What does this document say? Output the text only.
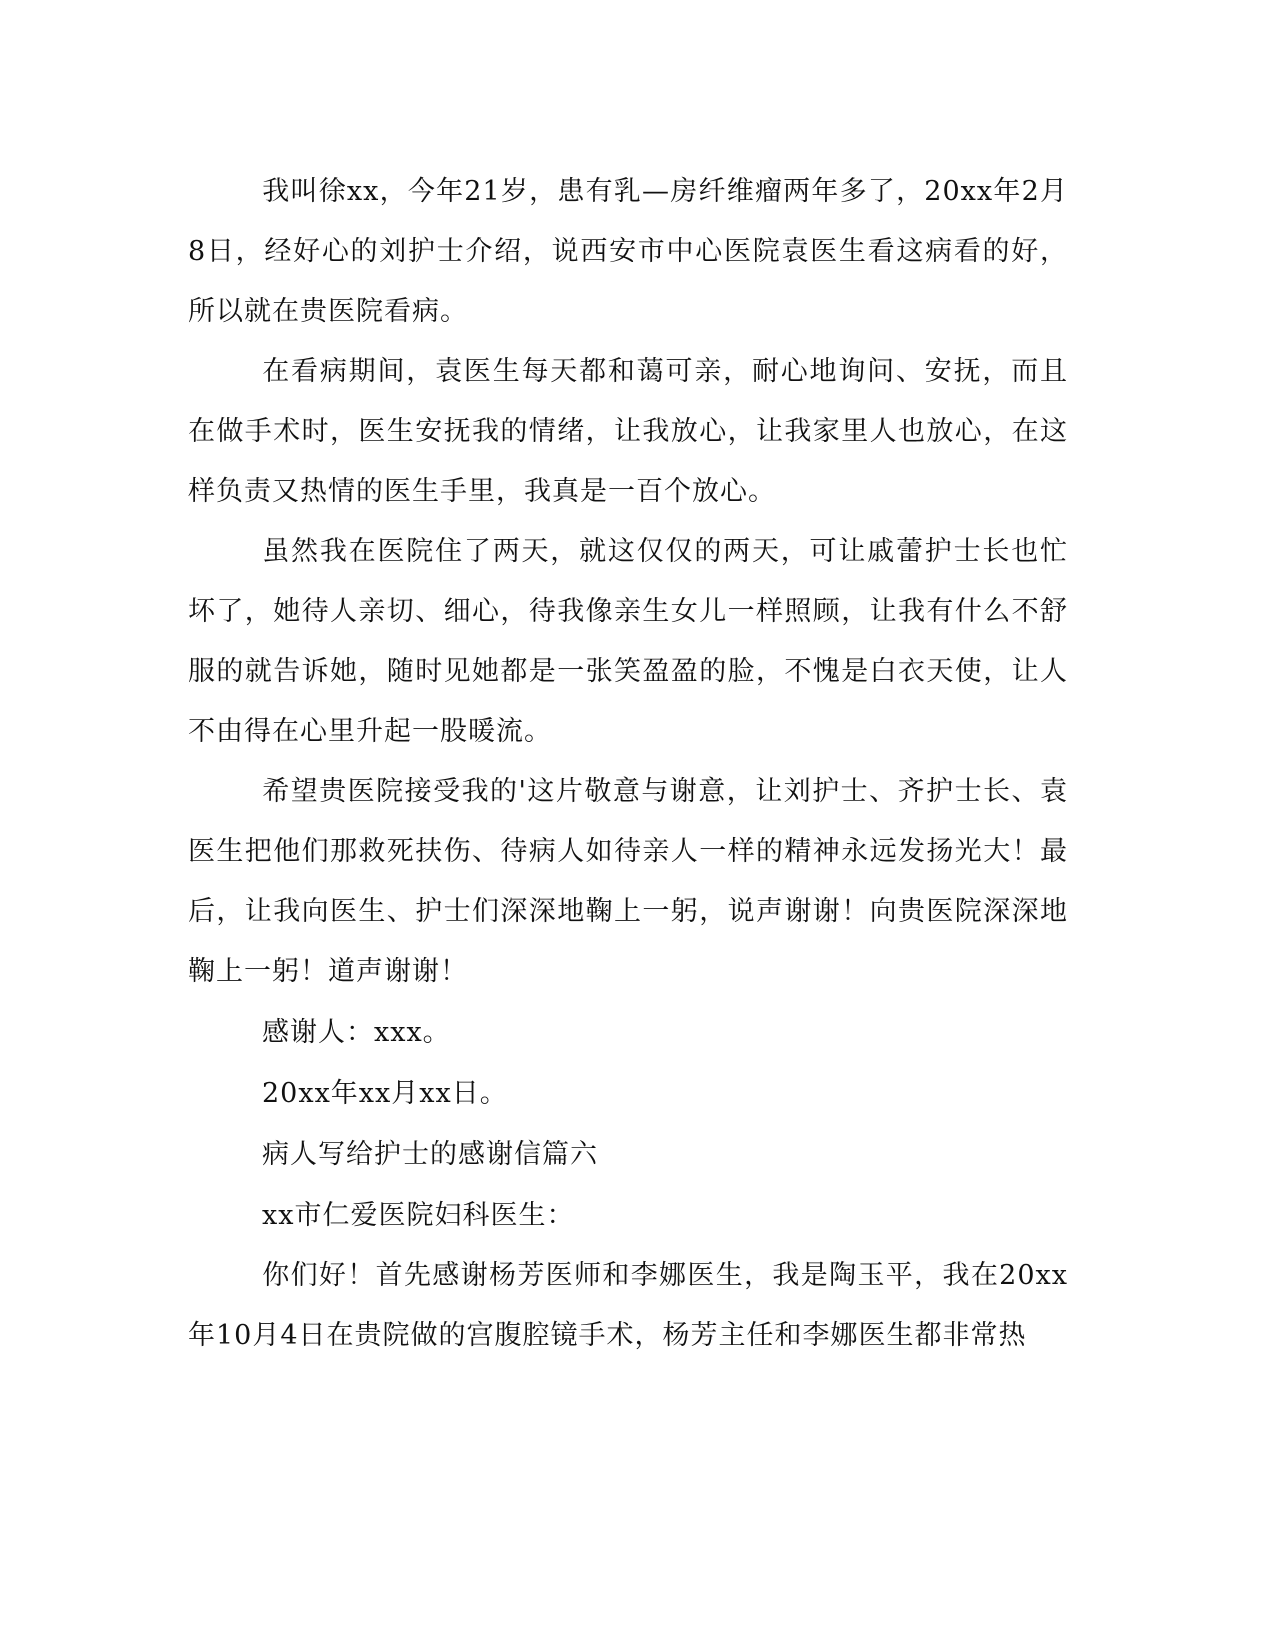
我叫徐xx，今年21岁，患有乳—房纤维瘤两年多了，20xx年2月8日，经好心的刘护士介绍，说西安市中心医院袁医生看这病看的好，所以就在贵医院看病。

在看病期间，袁医生每天都和蔼可亲，耐心地询问、安抚，而且在做手术时，医生安抚我的情绪，让我放心，让我家里人也放心，在这样负责又热情的医生手里，我真是一百个放心。

虽然我在医院住了两天，就这仅仅的两天，可让戚蕾护士长也忙坏了，她待人亲切、细心，待我像亲生女儿一样照顾，让我有什么不舒服的就告诉她，随时见她都是一张笑盈盈的脸，不愧是白衣天使，让人不由得在心里升起一股暖流。

希望贵医院接受我的'这片敬意与谢意，让刘护士、齐护士长、袁医生把他们那救死扶伤、待病人如待亲人一样的精神永远发扬光大！最后，让我向医生、护士们深深地鞠上一躬，说声谢谢！向贵医院深深地鞠上一躬！道声谢谢！

感谢人：xxx。

20xx年xx月xx日。

病人写给护士的感谢信篇六

xx市仁爱医院妇科医生：

你们好！首先感谢杨芳医师和李娜医生，我是陶玉平，我在20xx年10月4日在贵院做的宫腹腔镜手术，杨芳主任和李娜医生都非常热
